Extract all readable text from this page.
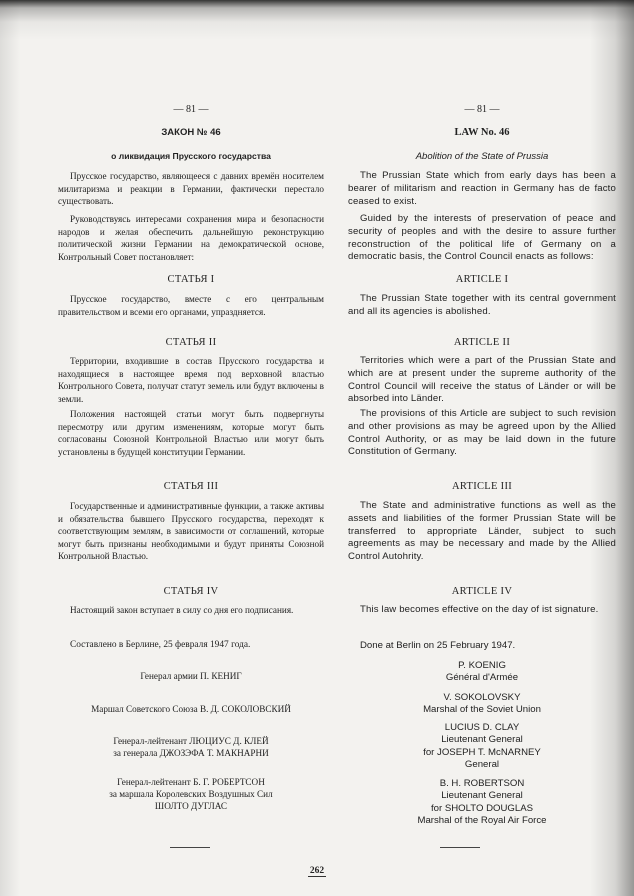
— 81 —
ЗАКОН № 46
о ликвидация Прусского государства
Прусское государство, являющееся с давних времён носителем милитаризма и реакции в Германии, фактически перестало существовать.
Руководствуясь интересами сохранения мира и безопасности народов и желая обеспечить дальнейшую реконструкцию политической жизни Германии на демократической основе, Контрольный Совет постановляет:
СТАТЬЯ I
Прусское государство, вместе с его центральным правительством и всеми его органами, упраздняется.
СТАТЬЯ II
Территории, входившие в состав Прусского государства и находящиеся в настоящее время под верховной властью Контрольного Совета, получат статут земель или будут включены в земли.
Положения настоящей статьи могут быть подвергнуты пересмотру или другим изменениям, которые могут быть согласованы Союзной Контрольной Властью или могут быть установлены в будущей конституции Германии.
СТАТЬЯ III
Государственные и административные функции, а также активы и обязательства бывшего Прусского государства, переходят к соответствующим землям, в зависимости от соглашений, которые могут быть признаны необходимыми и будут приняты Союзной Контрольной Властью.
СТАТЬЯ IV
Настоящий закон вступает в силу со дня его подписания.
Составлено в Берлине, 25 февраля 1947 года.
Генерал армии П. КЕНИГ
Маршал Советского Союза В. Д. СОКОЛОВСКИЙ
Генерал-лейтенант ЛЮЦИУС Д. КЛЕЙ
за генерала ДЖОЗЭФА Т. МАКНАРНИ
Генерал-лейтенант Б. Г. РОБЕРТСОН
за маршала Королевских Воздушных Сил
ШОЛТО ДУГЛАС
— 81 —
LAW No. 46
Abolition of the State of Prussia
The Prussian State which from early days has been a bearer of militarism and reaction in Germany has de facto ceased to exist.
Guided by the interests of preservation of peace and security of peoples and with the desire to assure further reconstruction of the political life of Germany on a democratic basis, the Control Council enacts as follows:
ARTICLE I
The Prussian State together with its central government and all its agencies is abolished.
ARTICLE II
Territories which were a part of the Prussian State and which are at present under the supreme authority of the Control Council will receive the status of Länder or will be absorbed into Länder.
The provisions of this Article are subject to such revision and other provisions as may be agreed upon by the Allied Control Authority, or as may be laid down in the future Constitution of Germany.
ARTICLE III
The State and administrative functions as well as the assets and liabilities of the former Prussian State will be transferred to appropriate Länder, subject to such agreements as may be necessary and made by the Allied Control Autohrity.
ARTICLE IV
This law becomes effective on the day of ist signature.
Done at Berlin on 25 February 1947.
P. KOENIG
Général d'Armée
V. SOKOLOVSKY
Marshal of the Soviet Union
LUCIUS D. CLAY
Lieutenant General
for JOSEPH T. McNARNEY
General
B. H. ROBERTSON
Lieutenant General
for SHOLTO DOUGLAS
Marshal of the Royal Air Force
262
